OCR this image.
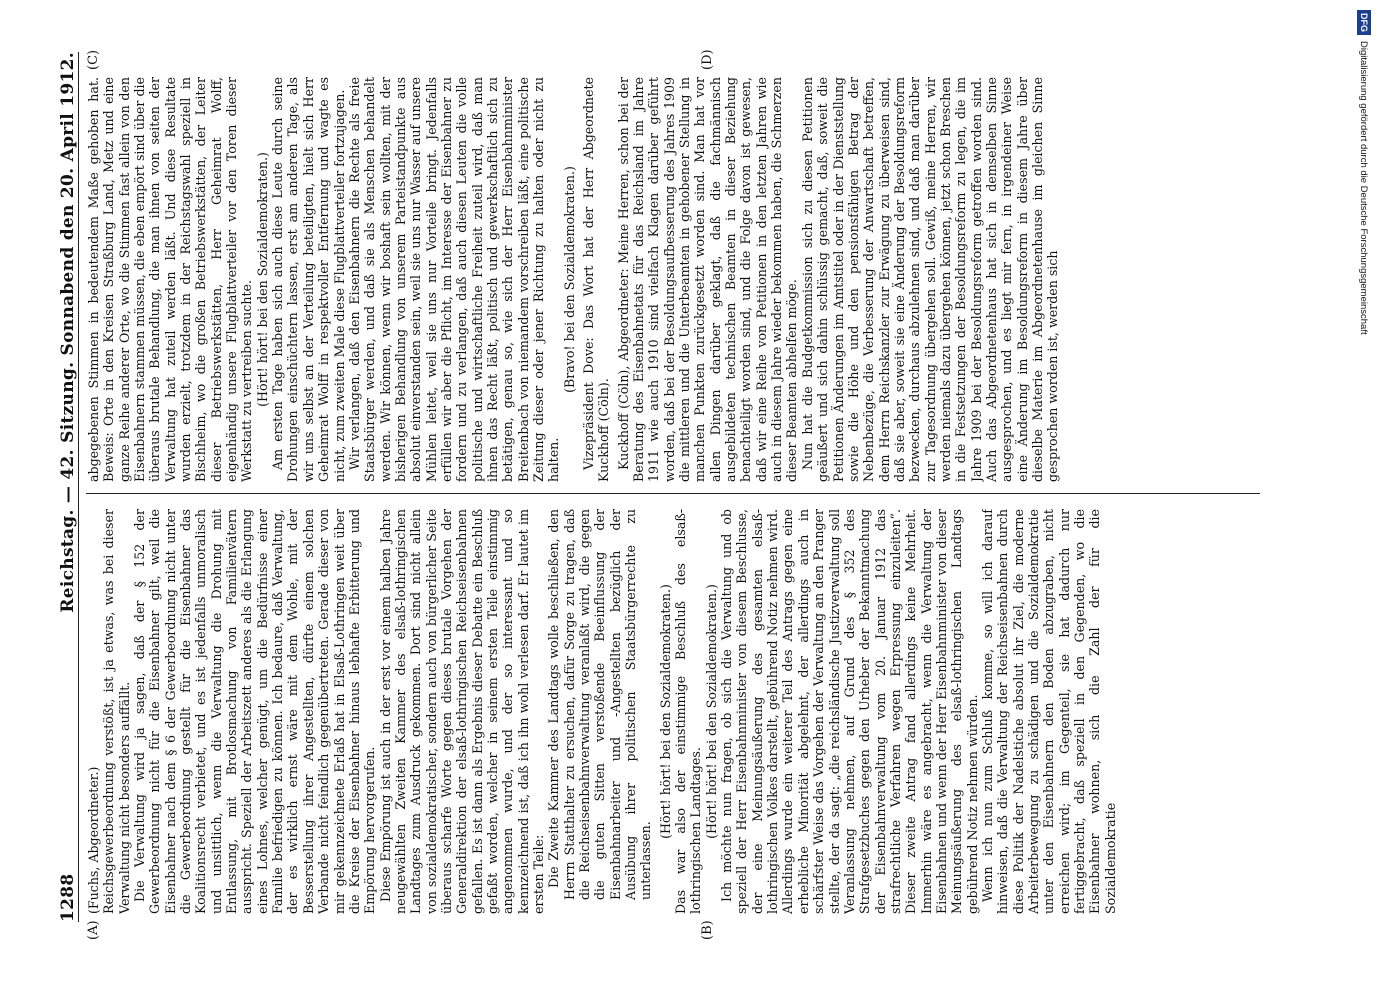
1288
Reichstag. — 42. Sitzung. Sonnabend den 20. April 1912.
(A)	(B)
(C)	(D)

(Fuchs, Abgeordneter.) Reichsgewerbeordnung verstößt, ist ja etwas, was bei dieser Verwaltung nicht besonders auffällt. Die Verwaltung wird ja sagen, daß der § 152 der Gewerbeordnung nicht für die Eisenbahner gilt, weil die Eisenbahner nach dem § 6 der Gewerbeordnung nicht unter die Gewerbeordnung gestellt für die Eisenbahner das Koalitionsrecht verbietet, und es ist jedenfalls unmoralisch und unsittlich, wenn die Verwaltung die Drohung mit Entlassung, mit Brotlosmachung von Familienvätern ausspricht. Speziell der Arbeitszett anderes als die Erlangung eines Lohnes, welcher genügt, um die Bedürfnisse einer Familie befriedigen zu können. Ich bedaure, daß Verwaltung, der es wirklich ernst wäre mit dem Wohle, mit der Besserstellung ihrer Angestellten, dürfte einem solchen Verbande nicht feindlich gegenübertreten. Gerade dieser von mir gekennzeichnete Erlaß hat in Elsaß-Lothringen weit über die Kreise der Eisenbahner hinaus lebhafte Erbitterung und Empörung hervorgerufen. Diese Empörung ist auch in der erst vor einem halben Jahre neugewählten Zweiten Kammer des elsaß-lothringischen Landtages zum Ausdruck gekommen. Dort sind nicht allein von sozialdemokratischer, sondern auch von bürgerlicher Seite überaus scharfe Worte gegen dieses brutale Vorgehen der Generaldirektion der elsaß-lothringischen Reichseisenbahnen gefallen. Es ist dann als Ergebnis dieser Debatte ein Beschluß gefaßt worden, welcher in seinem ersten Teile einstimmig angenommen wurde, und der so interessant und so kennzeichnend ist, daß ich ihn wohl verlesen darf. Er lautet im ersten Teile: Die Zweite Kammer des Landtags wolle beschließen, den Herrn Statthalter zu ersuchen, dafür Sorge zu tragen, daß die Reichseisenbahnverwaltung veranlaßt wird, die gegen die guten Sitten verstoßende Beeinflussung der Eisenbahnarbeiter und -Angestellten bezüglich der Ausübung ihrer politischen Staatsbürgerrechte zu unterlassen.

(Hört! hört! bei den Sozialdemokraten.) Das war also der einstimmige Beschluß des elsaß-lothringischen Landtages. (Hört! hört! bei den Sozialdemokraten.) Ich möchte nun fragen, ob sich die Verwaltung und ob speziell der Herr Eisenbahnminister von diesem Beschlusse, der eine Meinungsäußerung des gesamten elsaß-lothringischen Volkes darstellt, gebührend Notiz nehmen wird. Allerdings wurde ein weiterer Teil des Antrags gegen eine erhebliche Minorität abgelehnt, der allerdings auch in schärfster Weise das Vorgehen der Verwaltung an den Pranger stellte, der da sagt: „die reichsländische Justizverwaltung soll Veranlassung nehmen, auf Grund des § 352 des Strafgesetzbuches gegen den Urheber der Bekanntmachung der Eisenbahnverwaltung vom 20. Januar 1912 das strafrechtliche Verfahren wegen Erpressung einzuleiten“. Dieser zweite Antrag fand allerdings keine Mehrheit. Immerhin wäre es angebracht, wenn die Verwaltung der Eisenbahnen und wenn der Herr Eisenbahnminister von dieser Meinungsäußerung des elsaß-lothringischen Landtags gebührend Notiz nehmen würden. Wenn ich nun zum Schluß komme, so will ich darauf hinweisen, daß die Verwaltung der Reichseisenbahnen durch diese Politik der Nadelstiche absolut ihr Ziel, die moderne Arbeiterbewegung zu schädigen und die Sozialdemokratie unter den Eisenbahnern den Boden abzugraben, nicht erreichen wird; im Gegenteil, sie hat dadurch nur fertiggebracht, daß speziell in den Gegenden, wo die Eisenbahner wohnen, sich die Zahl der für die Sozialdemokratie

abgegebenen Stimmen in bedeutendem Maße gehoben hat. Beweis: Orte in den Kreisen Straßburg Land, Metz und eine ganze Reihe anderer Orte, wo die Stimmen fast allein von den Eisenbahnern stammen müssen, die eben empört sind über die überaus brutale Behandlung, die man ihnen von seiten der Verwaltung hat zuteil werden läßt. Und diese Resultate wurden erzielt, trotzdem in der Reichstagswahl speziell in Bischheim, wo die großen Betriebswerkstätten, der Leiter dieser Betriebswerkstätten, Herr Geheimrat Wolff, eigenhändig unsere Flugblattverteiler vor den Toren dieser Werkstatt zu vertreiben suchte. (Hört! hört! bei den Sozialdemokraten.) Am ersten Tage haben sich auch diese Leute durch seine Drohungen einschüchtern lassen, erst am anderen Tage, als wir uns selbst an der Verteilung beteiligten, hielt sich Herr Geheimrat Wolff in respektvoller Entfernung und wagte es nicht, zum zweiten Male diese Flugblattverteiler fortzujagen. Wir verlangen, daß den Eisenbahnern die Rechte als freie Staatsbürger werden, und daß sie als Menschen behandelt werden. Wir können, wenn wir boshaft sein wollten, mit der bisherigen Behandlung von unserem Parteistandpunkte aus absolut einverstanden sein, weil sie uns nur Wasser auf unsere Mühlen leitet, weil sie uns nur Vorteile bringt. Jedenfalls erfüllen wir aber die Pflicht, im Interesse der Eisenbahner zu fordern und zu verlangen, daß auch diesen Leuten die volle politische und wirtschaftliche Freiheit zuteil wird, daß man ihnen das Recht läßt, politisch und gewerkschaftlich sich zu betätigen, genau so, wie sich der Herr Eisenbahnminister Breitenbach von niemandem vorschreiben läßt, eine politische Zeitung dieser oder jener Richtung zu halten oder nicht zu halten.

(Bravo! bei den Sozialdemokraten.) Vizepräsident Dove: Das Wort hat der Herr Abgeordnete Kuckhoff (Cöln). Kuckhoff (Cöln), Abgeordneter: Meine Herren, schon bei der Beratung des Eisenbahnetats für das Reichsland im Jahre 1911 wie auch 1910 sind vielfach Klagen darüber geführt worden, daß bei der Besoldungsaufbesserung des Jahres 1909 die mittleren und die Unterbeamten in gehobener Stellung in manchen Punkten zurückgesetzt worden sind. Man hat vor allen Dingen darüber geklagt, daß die fachmännisch ausgebildeten technischen Beamten in dieser Beziehung benachteiligt worden sind, und die Folge davon ist gewesen, daß wir eine Reihe von Petitionen in den letzten Jahren wie auch in diesem Jahre wieder bekommen haben, die Schmerzen dieser Beamten abhelfen möge. Nun hat die Budgetkommission sich zu diesen Petitionen geäußert und sich dahin schlüssig gemacht, daß, soweit die Petitionen Änderungen im Amtstitel oder in der Dienststellung sowie die Höhe und den pensionsfähigen Betrag der Nebenbezüge, die Verbesserung der Anwartschaft betreffen, dem Herrn Reichskanzler zur Erwägung zu überweisen sind, daß sie aber, soweit sie eine Änderung der Besoldungsreform bezwecken, durchaus abzulehnen sind, und daß man darüber zur Tagesordnung übergehen soll. Gewiß, meine Herren, wir werden niemals dazu übergehen können, jetzt schon Breschen in die Festsetzungen der Besoldungsreform zu legen, die im Jahre 1909 bei der Besoldungsreform getroffen worden sind. Auch das Abgeordnetenhaus hat sich in demselben Sinne ausgesprochen, und es liegt mir fern, in irgendeiner Weise eine Änderung im Besoldungsreform in diesem Jahre über dieselbe Materie im Abgeordnetenhause im gleichen Sinne gesprochen worden ist, werden sich

DFGDigitalisierung gefördert durch die Deutsche Forschungsgemeinschaft
